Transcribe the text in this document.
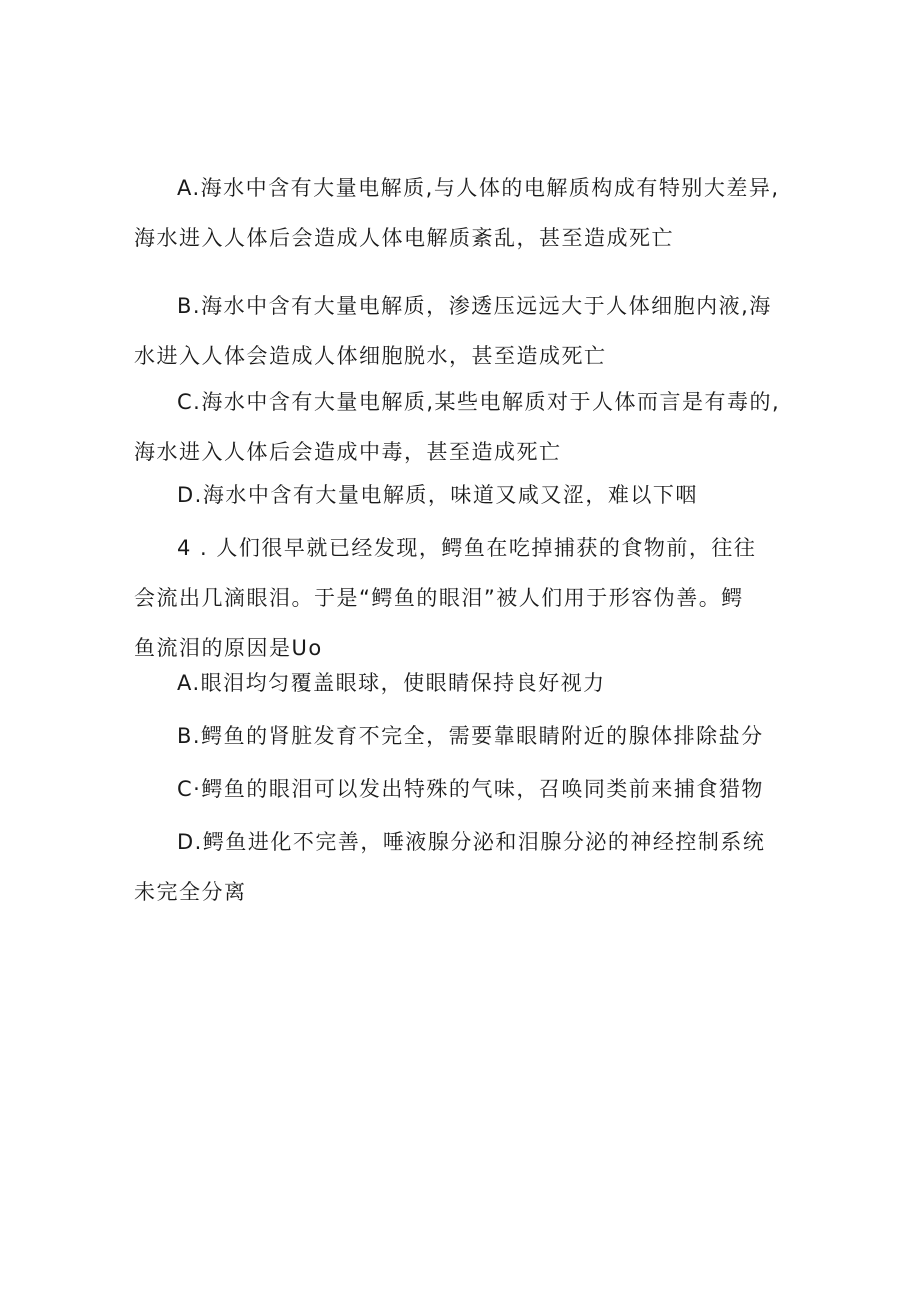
A.海水中含有大量电解质,与人体的电解质构成有特别大差异,
海水进入人体后会造成人体电解质紊乱，甚至造成死亡
B.海水中含有大量电解质，渗透压远远大于人体细胞内液,海
水进入人体会造成人体细胞脱水，甚至造成死亡
C.海水中含有大量电解质,某些电解质对于人体而言是有毒的,
海水进入人体后会造成中毒，甚至造成死亡
D.海水中含有大量电解质，味道又咸又涩，难以下咽
4 . 人们很早就已经发现，鳄鱼在吃掉捕获的食物前，往往
会流出几滴眼泪。于是“鳄鱼的眼泪”被人们用于形容伪善。鳄
鱼流泪的原因是Uo
A.眼泪均匀覆盖眼球，使眼睛保持良好视力
B.鳄鱼的肾脏发育不完全，需要靠眼睛附近的腺体排除盐分
C·鳄鱼的眼泪可以发出特殊的气味，召唤同类前来捕食猎物
D.鳄鱼进化不完善，唾液腺分泌和泪腺分泌的神经控制系统
未完全分离
